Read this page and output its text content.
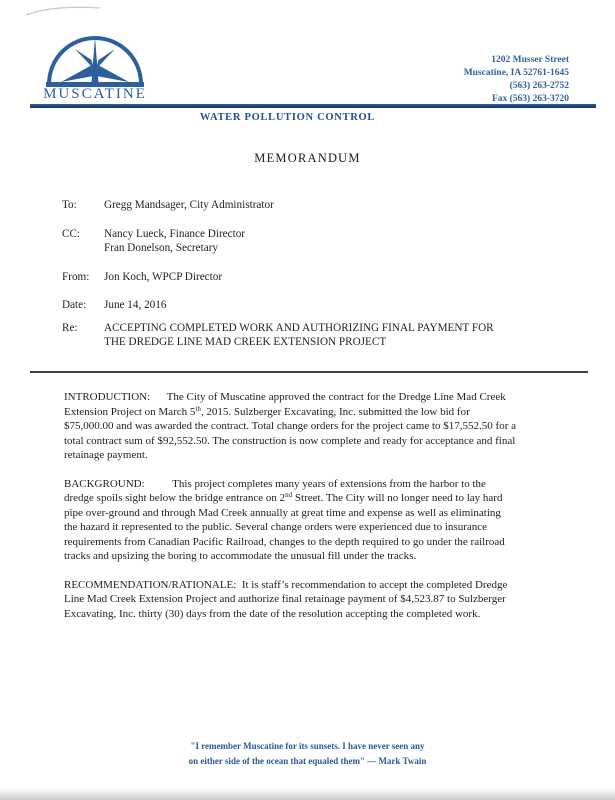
MUSCATINE
1202 Musser Street
Muscatine, IA 52761-1645
(563) 263-2752
Fax (563) 263-3720
WATER POLLUTION CONTROL
MEMORANDUM
To:	Gregg Mandsager, City Administrator
CC:	Nancy Lueck, Finance Director
Fran Donelson, Secretary
From:	Jon Koch, WPCP Director
Date:	June 14, 2016
Re:	ACCEPTING COMPLETED WORK AND AUTHORIZING FINAL PAYMENT FOR
THE DREDGE LINE MAD CREEK EXTENSION PROJECT

INTRODUCTION:  The City of Muscatine approved the contract for the Dredge Line Mad Creek Extension Project on March 5th, 2015. Sulzberger Excavating, Inc. submitted the low bid for $75,000.00 and was awarded the contract. Total change orders for the project came to $17,552.50 for a total contract sum of $92,552.50. The construction is now complete and ready for acceptance and final retainage payment.

BACKGROUND:   This project completes many years of extensions from the harbor to the dredge spoils sight below the bridge entrance on 2nd Street. The City will no longer need to lay hard pipe over-ground and through Mad Creek annually at great time and expense as well as eliminating the hazard it represented to the public. Several change orders were experienced due to insurance requirements from Canadian Pacific Railroad, changes to the depth required to go under the railroad tracks and upsizing the boring to accommodate the unusual fill under the tracks.

RECOMMENDATION/RATIONALE: It is staff’s recommendation to accept the completed Dredge Line Mad Creek Extension Project and authorize final retainage payment of $4,523.87 to Sulzberger Excavating, Inc. thirty (30) days from the date of the resolution accepting the completed work.

"I remember Muscatine for its sunsets. I have never seen any
on either side of the ocean that equaled them" — Mark Twain
